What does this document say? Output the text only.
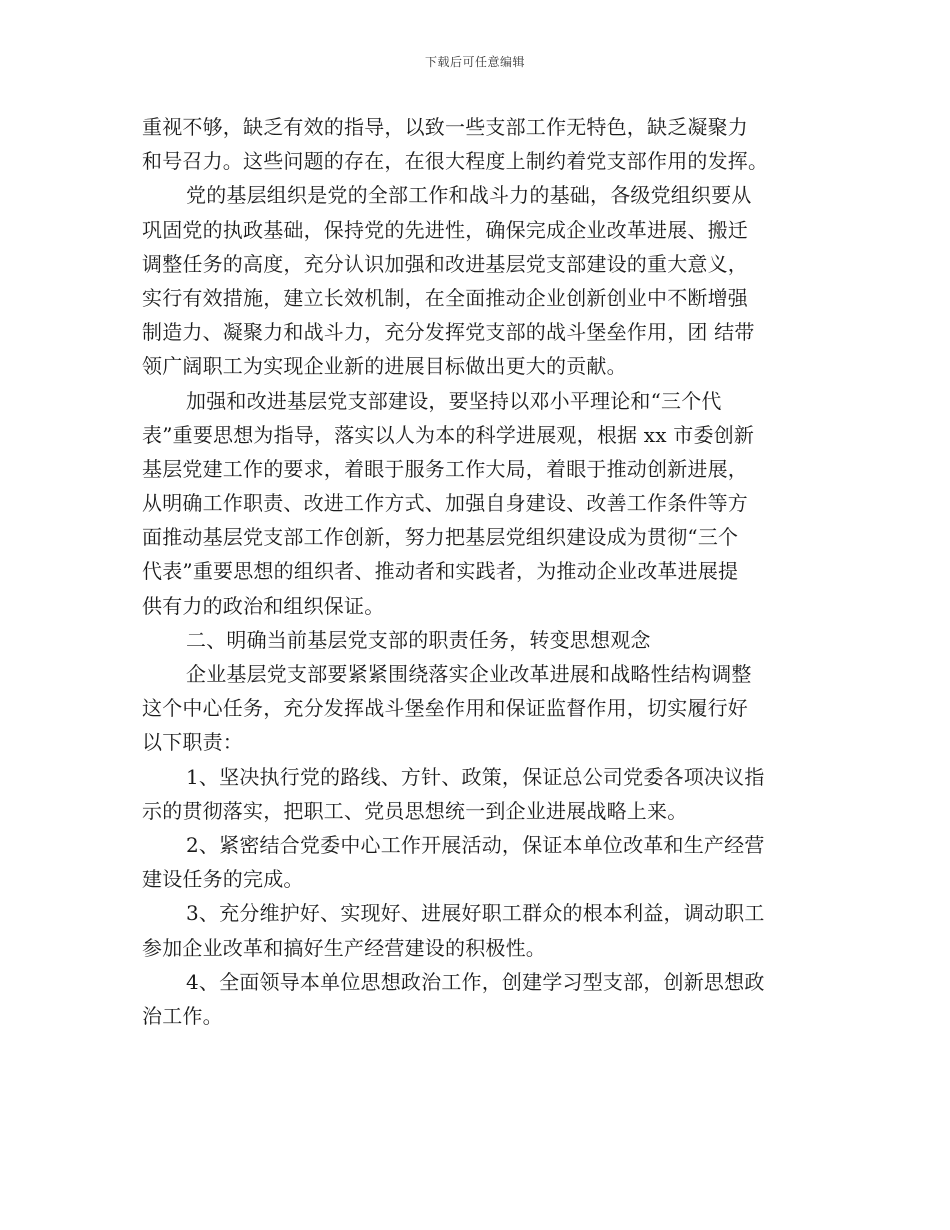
下载后可任意编辑
重视不够，缺乏有效的指导，以致一些支部工作无特色，缺乏凝聚力
和号召力。这些问题的存在，在很大程度上制约着党支部作用的发挥。
党的基层组织是党的全部工作和战斗力的基础，各级党组织要从
巩固党的执政基础，保持党的先进性，确保完成企业改革进展、搬迁
调整任务的高度，充分认识加强和改进基层党支部建设的重大意义，
实行有效措施，建立长效机制，在全面推动企业创新创业中不断增强
制造力、凝聚力和战斗力，充分发挥党支部的战斗堡垒作用，团 结带
领广阔职工为实现企业新的进展目标做出更大的贡献。
加强和改进基层党支部建设，要坚持以邓小平理论和“三个代
表”重要思想为指导，落实以人为本的科学进展观，根据 xx 市委创新
基层党建工作的要求，着眼于服务工作大局，着眼于推动创新进展，
从明确工作职责、改进工作方式、加强自身建设、改善工作条件等方
面推动基层党支部工作创新，努力把基层党组织建设成为贯彻“三个
代表”重要思想的组织者、推动者和实践者，为推动企业改革进展提
供有力的政治和组织保证。
二、明确当前基层党支部的职责任务，转变思想观念
企业基层党支部要紧紧围绕落实企业改革进展和战略性结构调整
这个中心任务，充分发挥战斗堡垒作用和保证监督作用，切实履行好
以下职责：
1、坚决执行党的路线、方针、政策，保证总公司党委各项决议指
示的贯彻落实，把职工、党员思想统一到企业进展战略上来。
2、紧密结合党委中心工作开展活动，保证本单位改革和生产经营
建设任务的完成。
3、充分维护好、实现好、进展好职工群众的根本利益，调动职工
参加企业改革和搞好生产经营建设的积极性。
4、全面领导本单位思想政治工作，创建学习型支部，创新思想政
治工作。
